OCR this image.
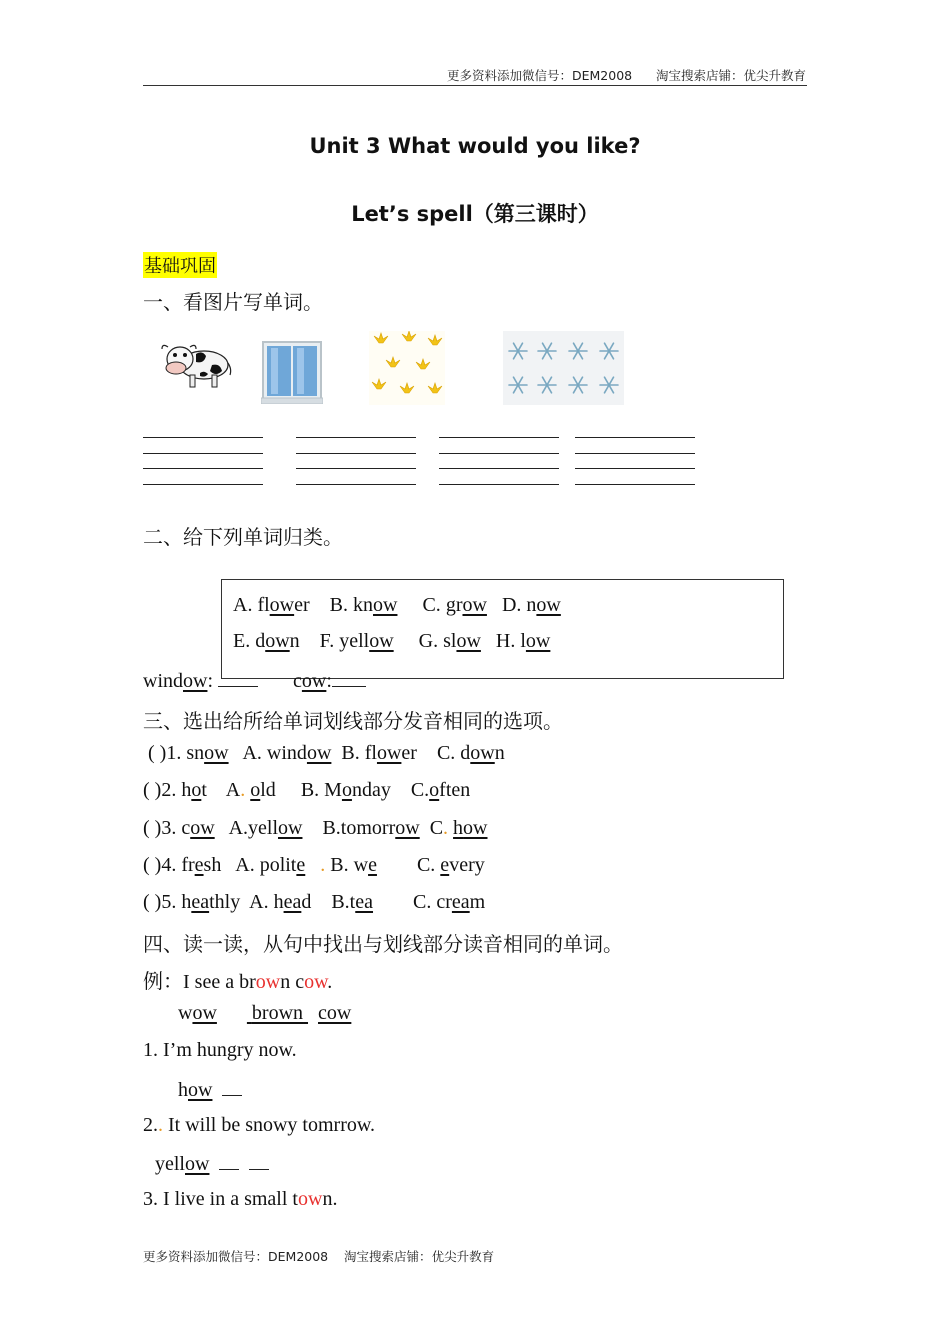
更多资料添加微信号：DEM2008 淘宝搜索店铺：优尖升教育
Unit 3 What would you like?
Let’s spell（第三课时）
基础巩固
一、看图片写单词。
二、给下列单词归类。
A. flower B. know C. grow D. now
E. down F. yellow G. slow H. low
window:	cow:
三、选出给所给单词划线部分发音相同的选项。
( )1. snow A. window B. flower C. down
( )2. hot A. old B. Monday C.often
( )3. cow A.yellow B.tomorrow C. how
( )4. fresh A. polite . B. we C. every
( )5. heathly A. head B.tea C. cream
四、读一读，从句中找出与划线部分读音相同的单词。
例：I see a brown cow.
wow brown cow
1. I’m hungry now.
how
2.. It will be snowy tomrrow.
yellow
3. I live in a small town.
更多资料添加微信号：DEM2008 淘宝搜索店铺：优尖升教育
